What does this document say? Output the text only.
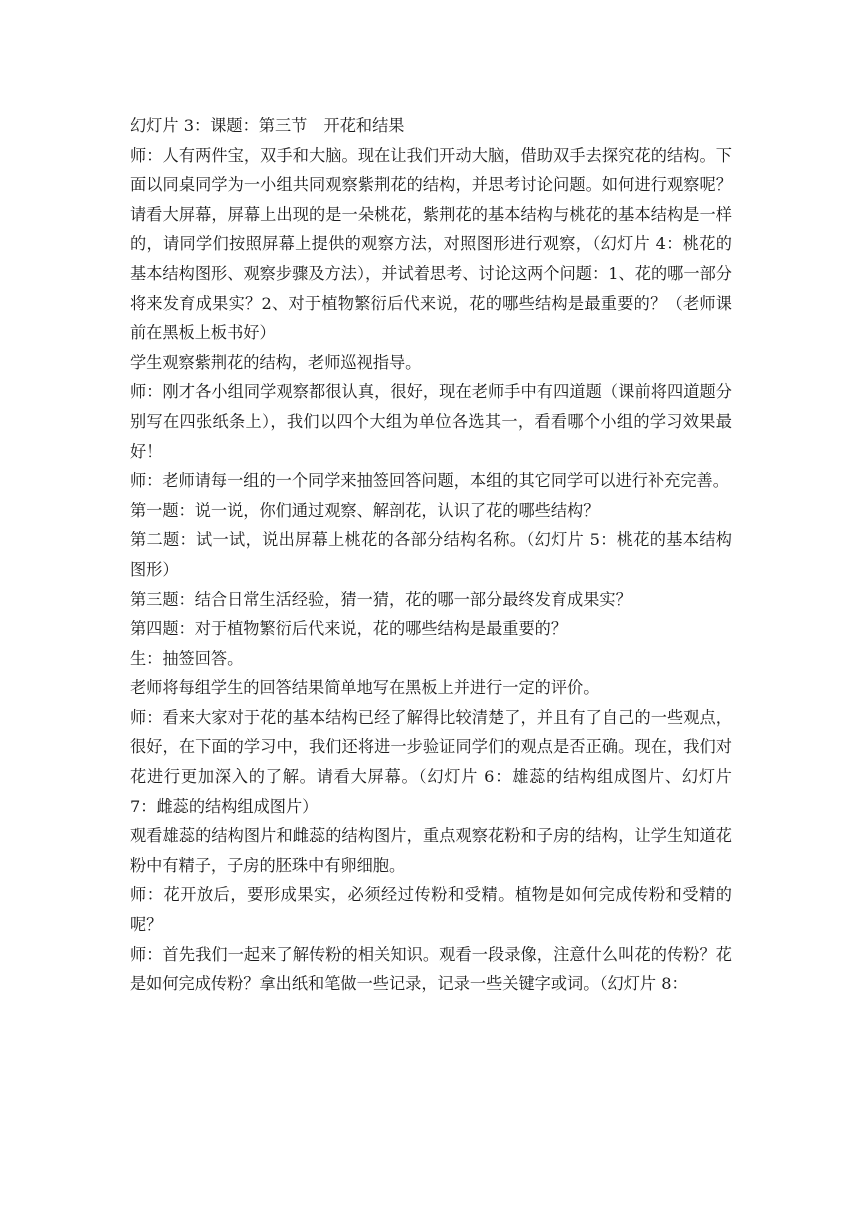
幻灯片 3：课题：第三节　开花和结果

师：人有两件宝，双手和大脑。现在让我们开动大脑，借助双手去探究花的结构。下面以同桌同学为一小组共同观察紫荆花的结构，并思考讨论问题。如何进行观察呢？请看大屏幕，屏幕上出现的是一朵桃花，紫荆花的基本结构与桃花的基本结构是一样的，请同学们按照屏幕上提供的观察方法，对照图形进行观察，（幻灯片 4：桃花的基本结构图形、观察步骤及方法），并试着思考、讨论这两个问题：1、花的哪一部分将来发育成果实？2、对于植物繁衍后代来说，花的哪些结构是最重要的？（老师课前在黑板上板书好）

学生观察紫荆花的结构，老师巡视指导。

师：刚才各小组同学观察都很认真，很好，现在老师手中有四道题（课前将四道题分别写在四张纸条上），我们以四个大组为单位各选其一，看看哪个小组的学习效果最好！

师：老师请每一组的一个同学来抽签回答问题，本组的其它同学可以进行补充完善。

第一题：说一说，你们通过观察、解剖花，认识了花的哪些结构？

第二题：试一试，说出屏幕上桃花的各部分结构名称。（幻灯片 5：桃花的基本结构图形）

第三题：结合日常生活经验，猜一猜，花的哪一部分最终发育成果实？

第四题：对于植物繁衍后代来说，花的哪些结构是最重要的？

生：抽签回答。

老师将每组学生的回答结果简单地写在黑板上并进行一定的评价。

师：看来大家对于花的基本结构已经了解得比较清楚了，并且有了自己的一些观点，很好，在下面的学习中，我们还将进一步验证同学们的观点是否正确。现在，我们对花进行更加深入的了解。请看大屏幕。（幻灯片 6：雄蕊的结构组成图片、幻灯片 7：雌蕊的结构组成图片）

观看雄蕊的结构图片和雌蕊的结构图片，重点观察花粉和子房的结构，让学生知道花粉中有精子，子房的胚珠中有卵细胞。

师：花开放后，要形成果实，必须经过传粉和受精。植物是如何完成传粉和受精的呢？

师：首先我们一起来了解传粉的相关知识。观看一段录像，注意什么叫花的传粉？花是如何完成传粉？拿出纸和笔做一些记录，记录一些关键字或词。（幻灯片 8：
